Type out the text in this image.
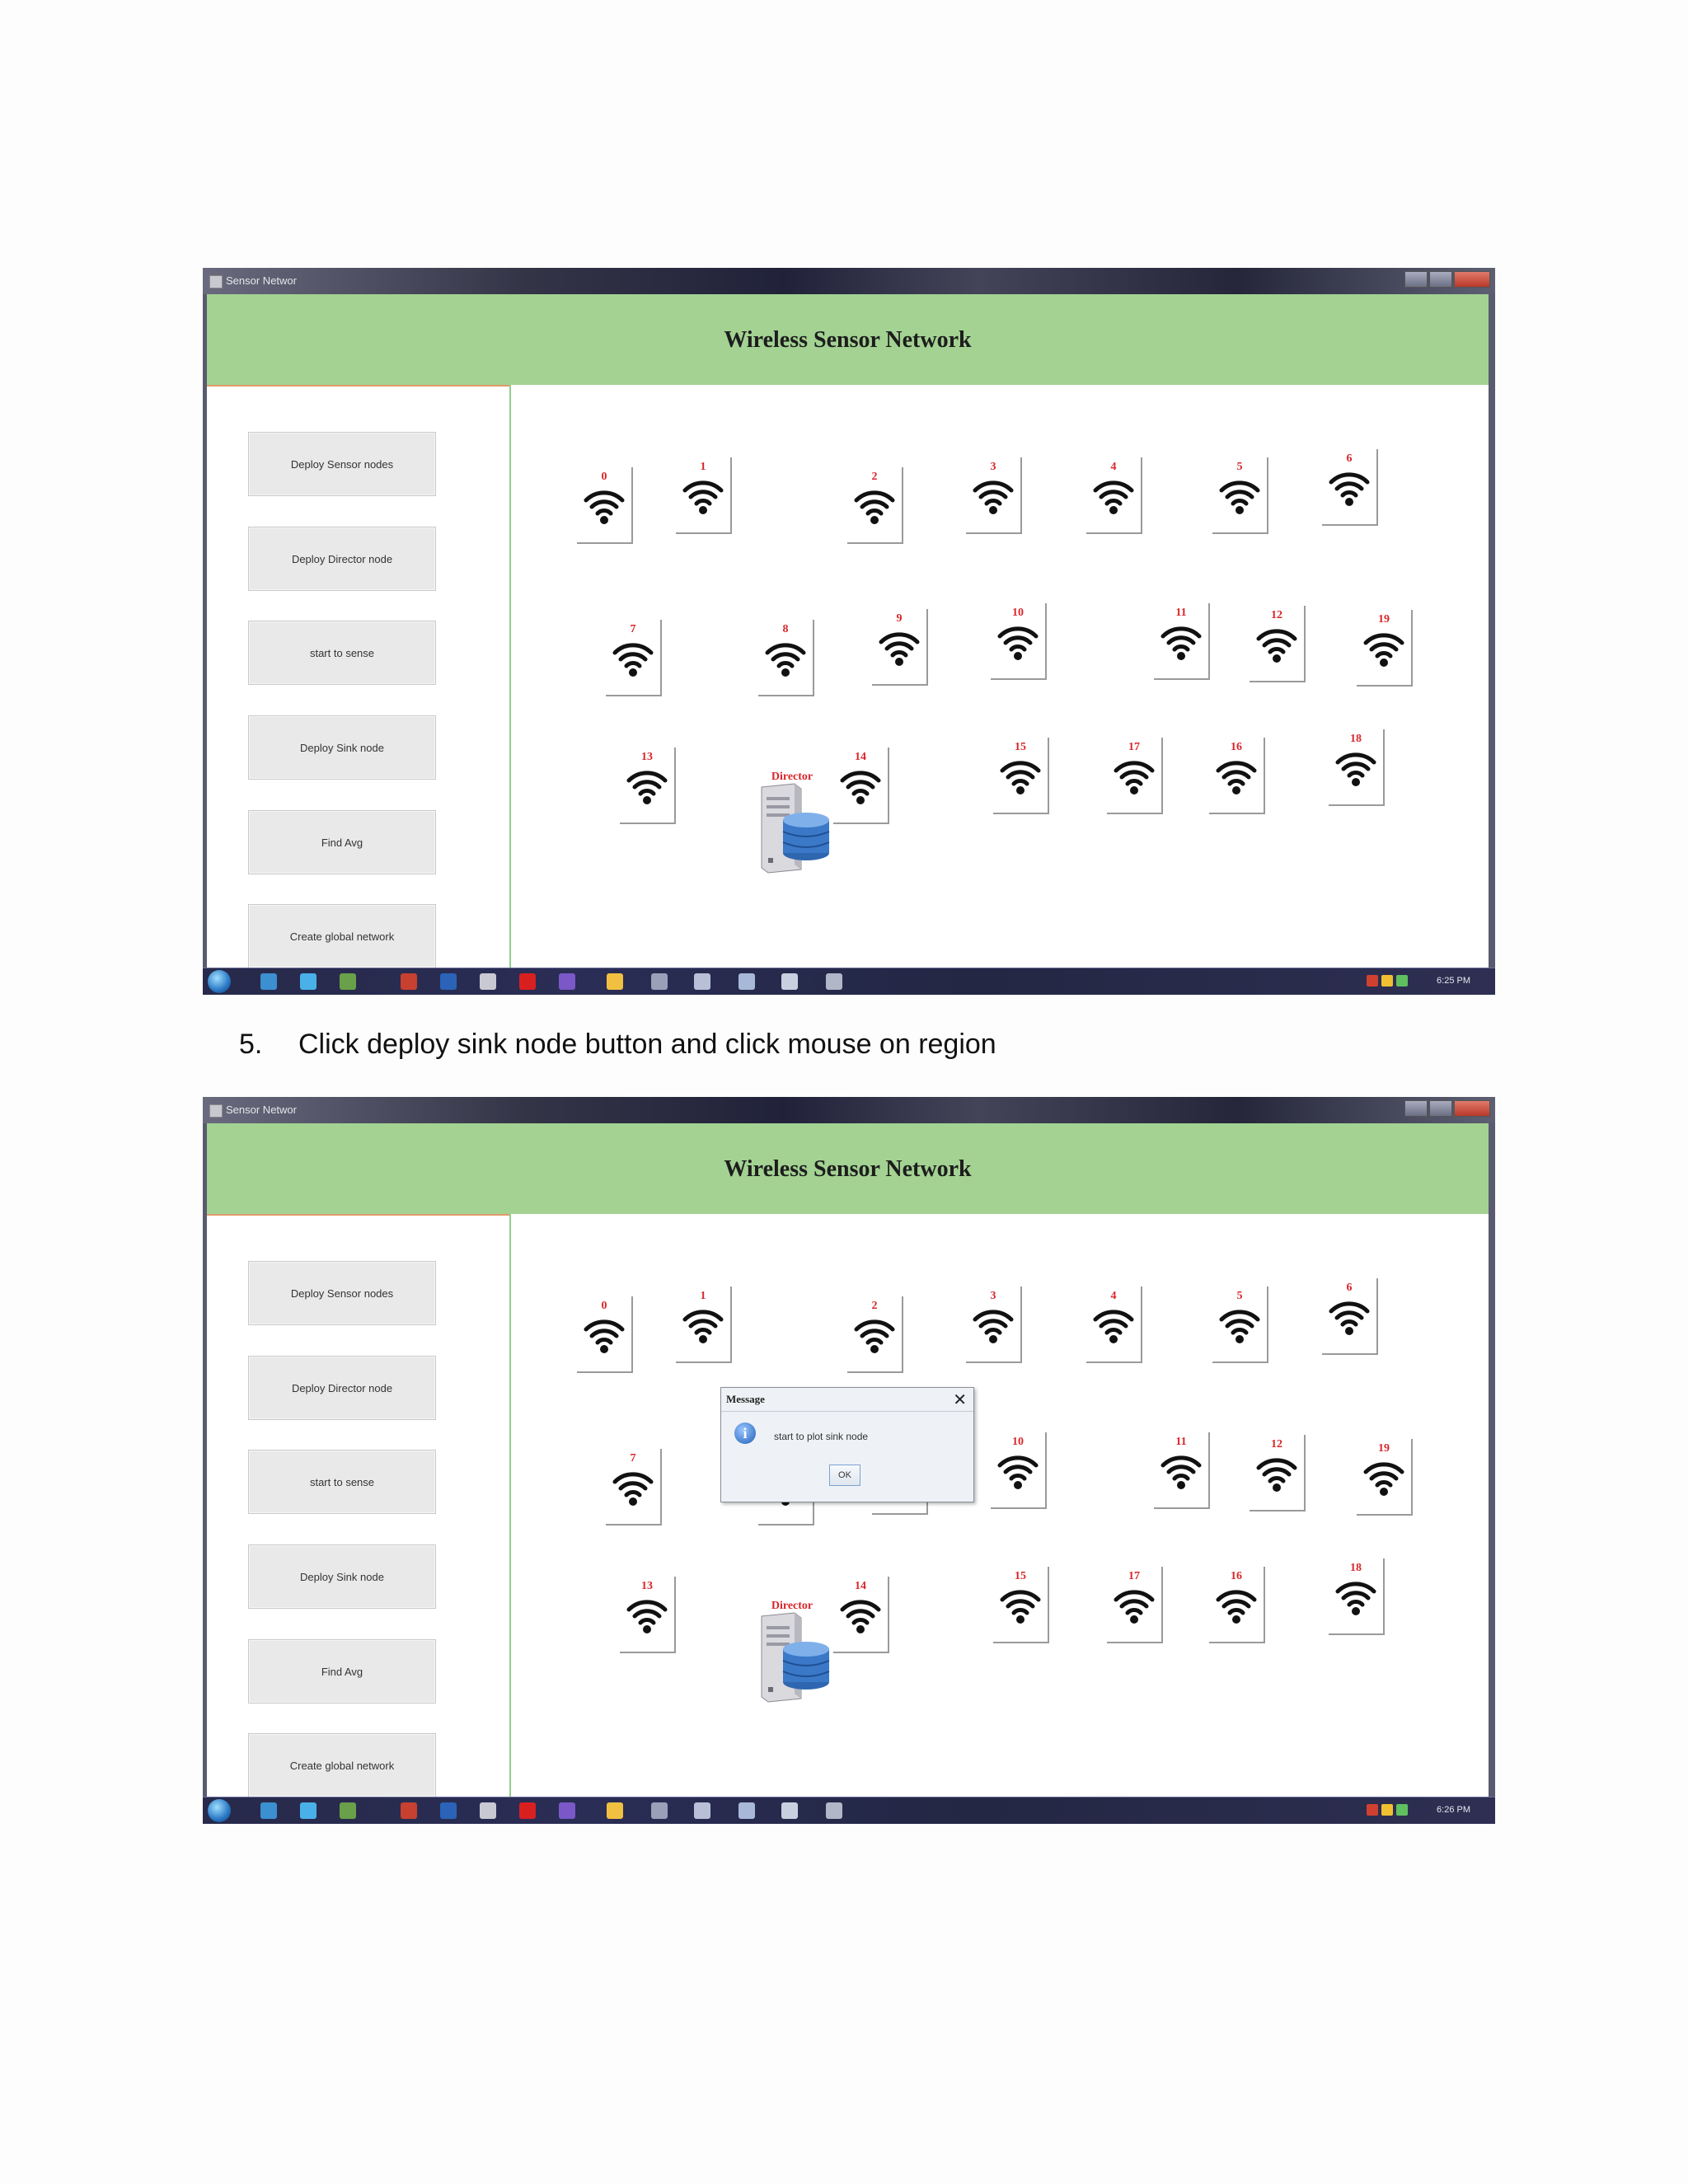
Sensor Networ
Wireless Sensor Network
Deploy Sensor nodes
Deploy Director node
start to sense
Deploy Sink node
Find Avg
Create global network
18
16
17
15
14
13
19
12
11
10
9
8
7
6
5
4
3
2
1
0
Director
6:25 PM
5. Click deploy sink node button and click mouse on region
Sensor Networ
Wireless Sensor Network
Deploy Sensor nodes
Deploy Director node
start to sense
Deploy Sink node
Find Avg
Create global network
18
16
17
15
14
13
19
12
11
10
7
6
5
4
3
2
1
0
Director
6:26 PM
Message	✕
i	start to plot sink node
OK
